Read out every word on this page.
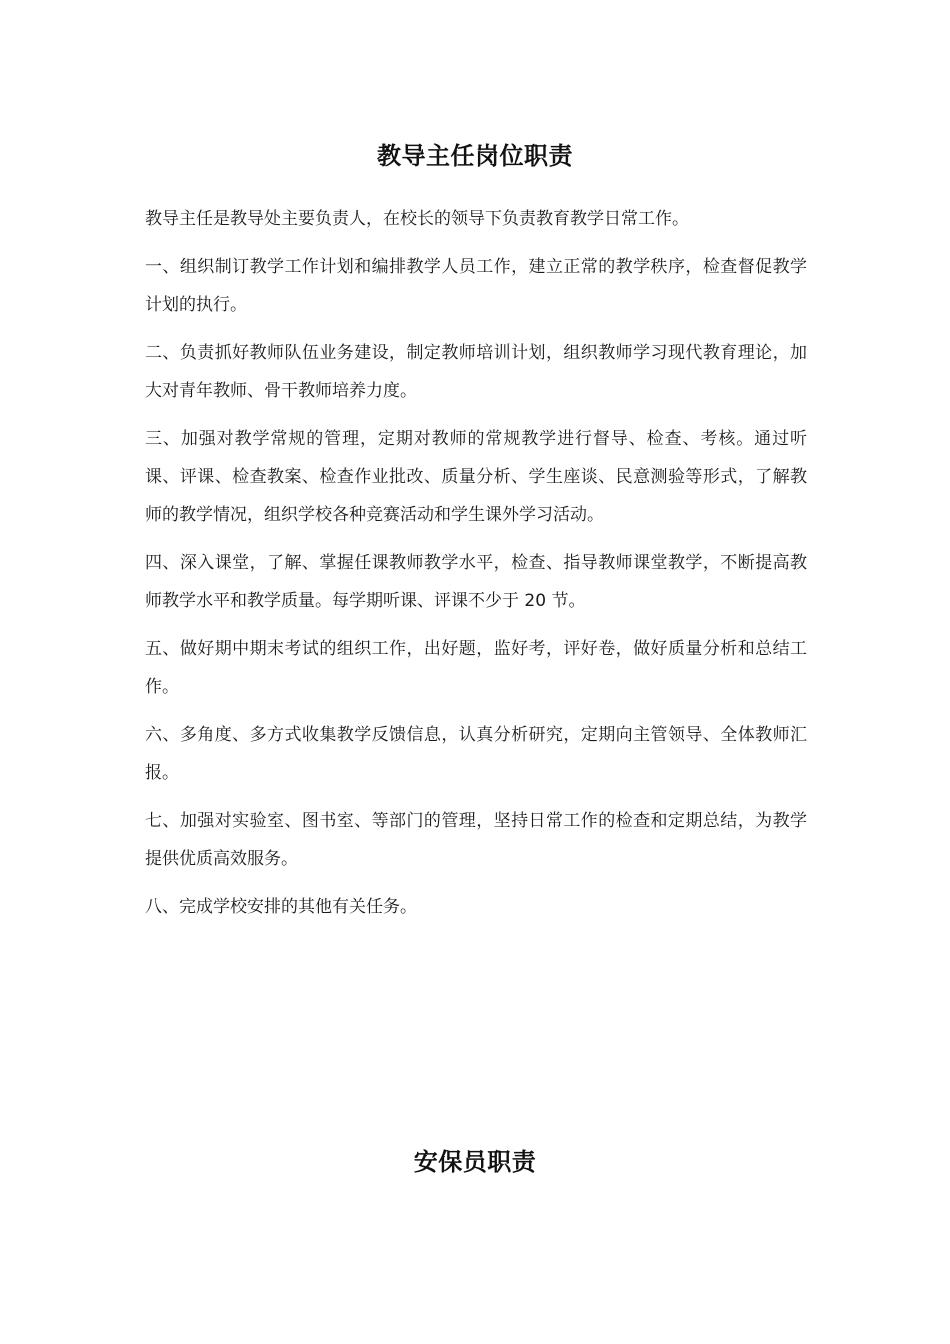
教导主任岗位职责

教导主任是教导处主要负责人，在校长的领导下负责教育教学日常工作。

一、组织制订教学工作计划和编排教学人员工作，建立正常的教学秩序，检查督促教学计划的执行。

二、负责抓好教师队伍业务建设，制定教师培训计划，组织教师学习现代教育理论，加大对青年教师、骨干教师培养力度。

三、加强对教学常规的管理，定期对教师的常规教学进行督导、检查、考核。通过听课、评课、检查教案、检查作业批改、质量分析、学生座谈、民意测验等形式，了解教师的教学情况，组织学校各种竞赛活动和学生课外学习活动。

四、深入课堂，了解、掌握任课教师教学水平，检查、指导教师课堂教学，不断提高教师教学水平和教学质量。每学期听课、评课不少于 20 节。

五、做好期中期末考试的组织工作，出好题，监好考，评好卷，做好质量分析和总结工作。

六、多角度、多方式收集教学反馈信息，认真分析研究，定期向主管领导、全体教师汇报。

七、加强对实验室、图书室、等部门的管理，坚持日常工作的检查和定期总结，为教学提供优质高效服务。

八、完成学校安排的其他有关任务。

安保员职责
